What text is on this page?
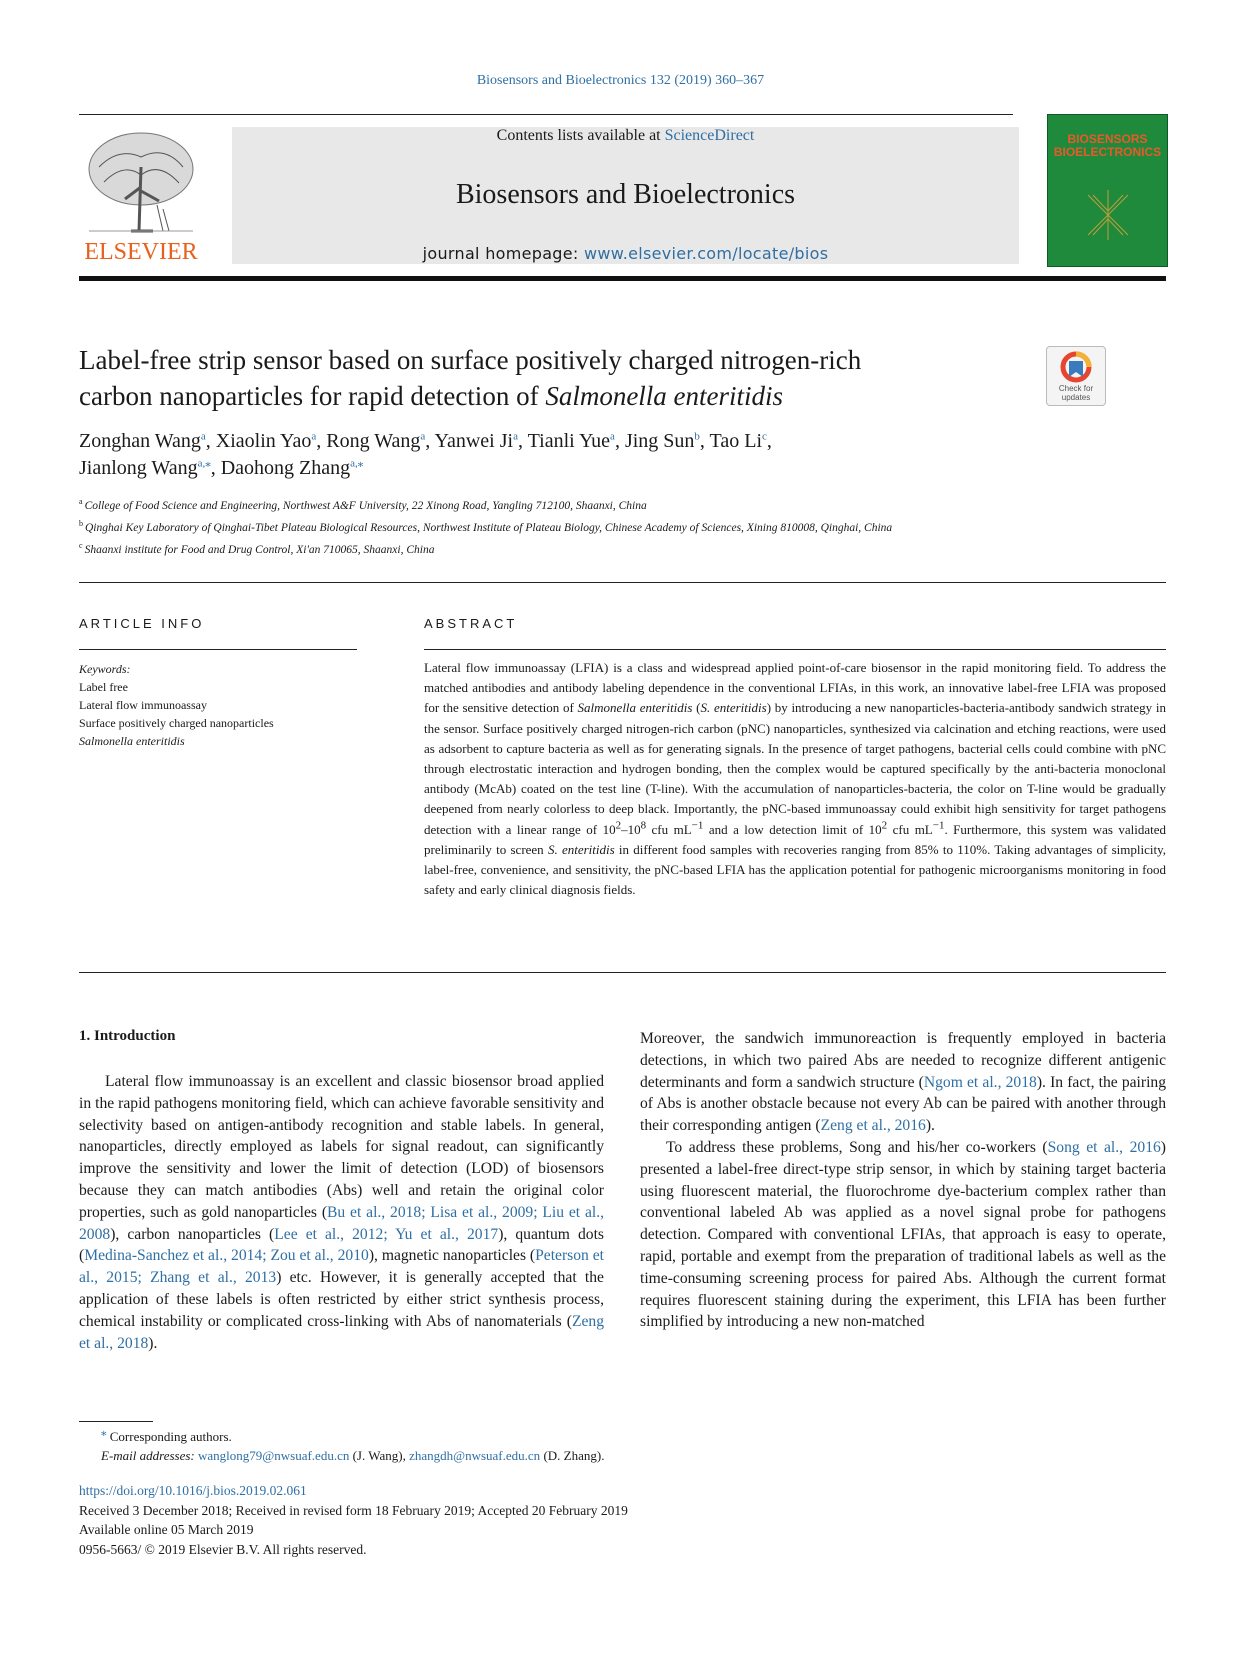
Biosensors and Bioelectronics 132 (2019) 360–367
ELSEVIER
Contents lists available at ScienceDirect
Biosensors and Bioelectronics
journal homepage: www.elsevier.com/locate/bios
BIOSENSORS
BIOELECTRONICS
Label-free strip sensor based on surface positively charged nitrogen-rich
carbon nanoparticles for rapid detection of Salmonella enteritidis	Check for updates
Zonghan Wang$^a$, Xiaolin Yao$^a$, Rong Wang$^a$, Yanwei Ji$^a$, Tianli Yue$^a$, Jing Sun$^b$, Tao Li$^c$,
Jianlong Wang$^{a,⁎}$, Daohong Zhang$^{a,⁎}$
$^a$ College of Food Science and Engineering, Northwest A&F University, 22 Xinong Road, Yangling 712100, Shaanxi, China
$^b$ Qinghai Key Laboratory of Qinghai-Tibet Plateau Biological Resources, Northwest Institute of Plateau Biology, Chinese Academy of Sciences, Xining 810008, Qinghai, China
$^c$ Shaanxi institute for Food and Drug Control, Xi'an 710065, Shaanxi, China
ARTICLE INFO	ABSTRACT
Keywords:
Label free
Lateral flow immunoassay
Surface positively charged nanoparticles
Salmonella enteritidis
Lateral flow immunoassay (LFIA) is a class and widespread applied point-of-care biosensor in the rapid monitoring field. To address the matched antibodies and antibody labeling dependence in the conventional LFIAs, in this work, an innovative label-free LFIA was proposed for the sensitive detection of Salmonella enteritidis (S. enteritidis) by introducing a new nanoparticles-bacteria-antibody sandwich strategy in the sensor. Surface positively charged nitrogen-rich carbon (pNC) nanoparticles, synthesized via calcination and etching reactions, were used as adsorbent to capture bacteria as well as for generating signals. In the presence of target pathogens, bacterial cells could combine with pNC through electrostatic interaction and hydrogen bonding, then the complex would be captured specifically by the anti-bacteria monoclonal antibody (McAb) coated on the test line (T-line). With the accumulation of nanoparticles-bacteria, the color on T-line would be gradually deepened from nearly colorless to deep black. Importantly, the pNC-based immunoassay could exhibit high sensitivity for target pathogens detection with a linear range of $10^2-10^8$ cfu $mL^{-1}$ and a low detection limit of $10^2$ cfu $mL^{-1}$. Furthermore, this system was validated preliminarily to screen S. enteritidis in different food samples with recoveries ranging from 85% to 110%. Taking advantages of simplicity, label-free, convenience, and sensitivity, the pNC-based LFIA has the application potential for pathogenic microorganisms monitoring in food safety and early clinical diagnosis fields.
1. Introduction

Lateral flow immunoassay is an excellent and classic biosensor broad applied in the rapid pathogens monitoring field, which can achieve favorable sensitivity and selectivity based on antigen-antibody recognition and stable labels. In general, nanoparticles, directly employed as labels for signal readout, can significantly improve the sensitivity and lower the limit of detection (LOD) of biosensors because they can match antibodies (Abs) well and retain the original color properties, such as gold nanoparticles (Bu et al., 2018; Lisa et al., 2009; Liu et al., 2008), carbon nanoparticles (Lee et al., 2012; Yu et al., 2017), quantum dots (Medina-Sanchez et al., 2014; Zou et al., 2010), magnetic nanoparticles (Peterson et al., 2015; Zhang et al., 2013) etc. However, it is generally accepted that the application of these labels is often restricted by either strict synthesis process, chemical instability or complicated cross-linking with Abs of nanomaterials (Zeng et al., 2018).

Moreover, the sandwich immunoreaction is frequently employed in bacteria detections, in which two paired Abs are needed to recognize different antigenic determinants and form a sandwich structure (Ngom et al., 2018). In fact, the pairing of Abs is another obstacle because not every Ab can be paired with another through their corresponding antigen (Zeng et al., 2016).

To address these problems, Song and his/her co-workers (Song et al., 2016) presented a label-free direct-type strip sensor, in which by staining target bacteria using fluorescent material, the fluorochrome dye-bacterium complex rather than conventional labeled Ab was applied as a novel signal probe for pathogens detection. Compared with conventional LFIAs, that approach is easy to operate, rapid, portable and exempt from the preparation of traditional labels as well as the time-consuming screening process for paired Abs. Although the current format requires fluorescent staining during the experiment, this LFIA has been further simplified by introducing a new non-matched

⁎ Corresponding authors.
E-mail addresses: wanglong79@nwsuaf.edu.cn (J. Wang), zhangdh@nwsuaf.edu.cn (D. Zhang).
https://doi.org/10.1016/j.bios.2019.02.061
Received 3 December 2018; Received in revised form 18 February 2019; Accepted 20 February 2019
Available online 05 March 2019
0956-5663/ © 2019 Elsevier B.V. All rights reserved.
